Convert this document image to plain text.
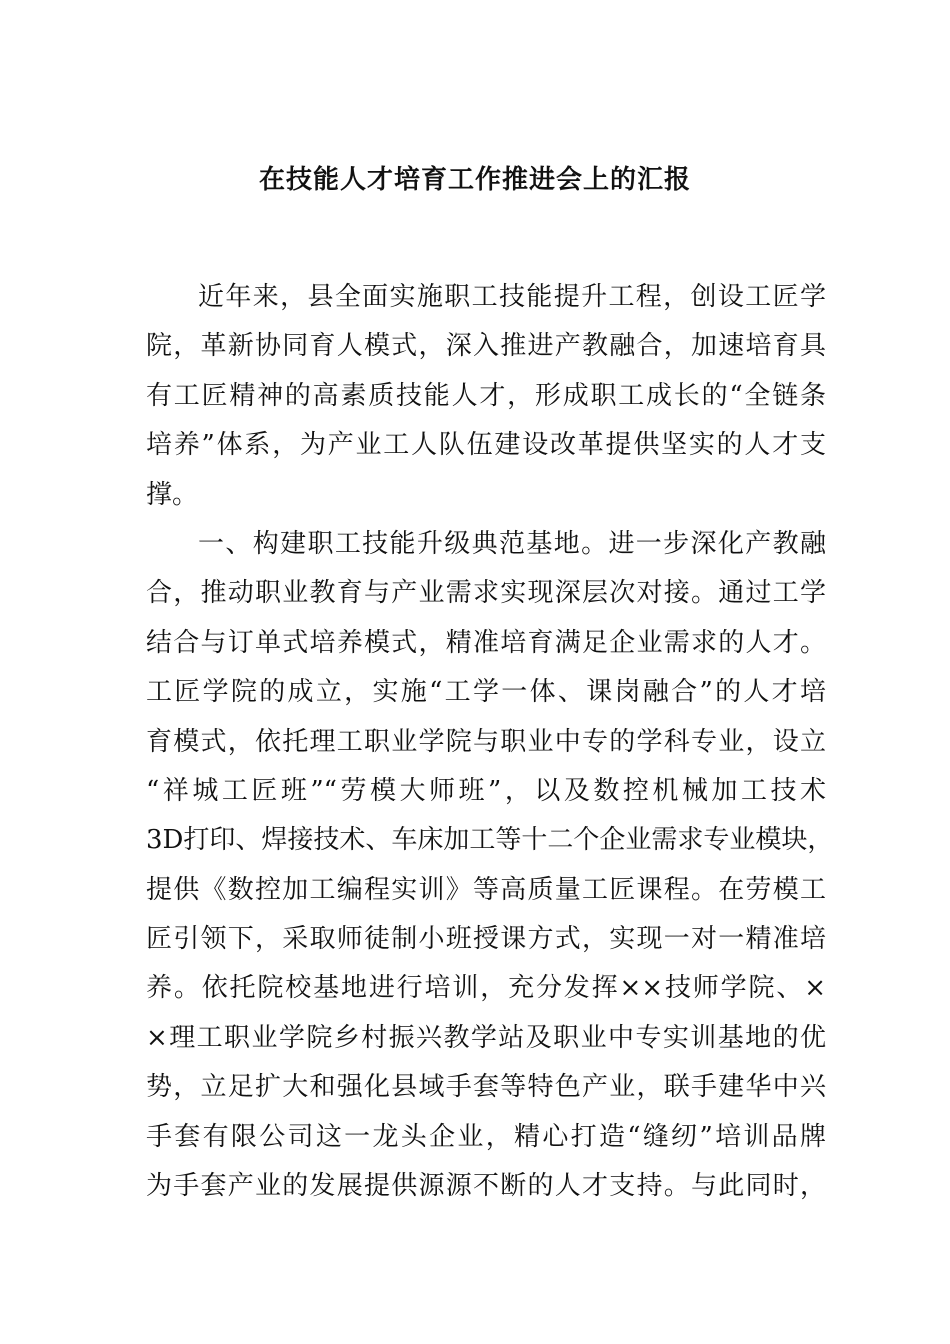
在技能人才培育工作推进会上的汇报
近年来，县全面实施职工技能提升工程，创设工匠学
院，革新协同育人模式，深入推进产教融合，加速培育具
有工匠精神的高素质技能人才，形成职工成长的“全链条
培养”体系，为产业工人队伍建设改革提供坚实的人才支
撑。
一、构建职工技能升级典范基地。进一步深化产教融
合，推动职业教育与产业需求实现深层次对接。通过工学
结合与订单式培养模式，精准培育满足企业需求的人才。
工匠学院的成立，实施“工学一体、课岗融合”的人才培
育模式，依托理工职业学院与职业中专的学科专业，设立
“祥城工匠班”“劳模大师班”，以及数控机械加工技术
3D打印、焊接技术、车床加工等十二个企业需求专业模块，
提供《数控加工编程实训》等高质量工匠课程。在劳模工
匠引领下，采取师徒制小班授课方式，实现一对一精准培
养。依托院校基地进行培训，充分发挥××技师学院、×
×理工职业学院乡村振兴教学站及职业中专实训基地的优
势，立足扩大和强化县域手套等特色产业，联手建华中兴
手套有限公司这一龙头企业，精心打造“缝纫”培训品牌
为手套产业的发展提供源源不断的人才支持。与此同时，
